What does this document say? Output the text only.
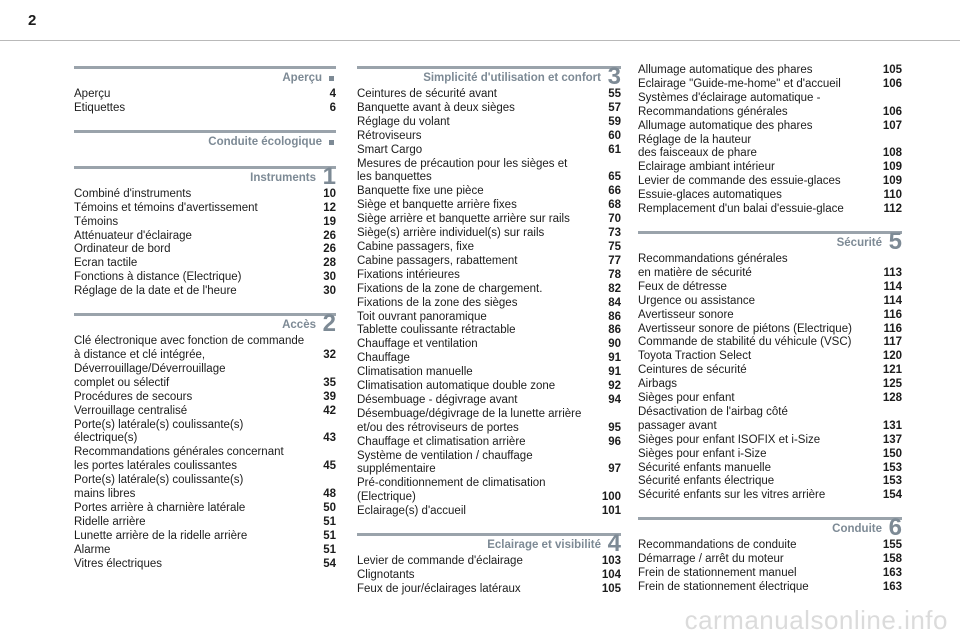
2
Aperçu
Aperçu	4
Etiquettes	6
Conduite écologique
Instruments 1
Combiné d'instruments	10
Témoins et témoins d'avertissement	12
Témoins	19
Atténuateur d'éclairage	26
Ordinateur de bord	26
Ecran tactile	28
Fonctions à distance (Electrique)	30
Réglage de la date et de l'heure	30
Accès 2
Clé électronique avec fonction de commande
à distance et clé intégrée,	32
Déverrouillage/Déverrouillage
complet ou sélectif	35
Procédures de secours	39
Verrouillage centralisé	42
Porte(s) latérale(s) coulissante(s)
électrique(s)	43
Recommandations générales concernant
les portes latérales coulissantes	45
Porte(s) latérale(s) coulissante(s)
mains libres	48
Portes arrière à charnière latérale	50
Ridelle arrière	51
Lunette arrière de la ridelle arrière	51
Alarme	51
Vitres électriques	54
Simplicité d'utilisation et confort 3
Ceintures de sécurité avant	55
Banquette avant à deux sièges	57
Réglage du volant	59
Rétroviseurs	60
Smart Cargo	61
Mesures de précaution pour les sièges et
les banquettes	65
Banquette fixe une pièce	66
Siège et banquette arrière fixes	68
Siège arrière et banquette arrière sur rails	70
Siège(s) arrière individuel(s) sur rails	73
Cabine passagers, fixe	75
Cabine passagers, rabattement	77
Fixations intérieures	78
Fixations de la zone de chargement.	82
Fixations de la zone des sièges	84
Toit ouvrant panoramique	86
Tablette coulissante rétractable	86
Chauffage et ventilation	90
Chauffage	91
Climatisation manuelle	91
Climatisation automatique double zone	92
Désembuage - dégivrage avant	94
Désembuage/dégivrage de la lunette arrière
et/ou des rétroviseurs de portes	95
Chauffage et climatisation arrière	96
Système de ventilation / chauffage
supplémentaire	97
Pré-conditionnement de climatisation
(Electrique)	100
Eclairage(s) d'accueil	101
Eclairage et visibilité 4
Levier de commande d'éclairage	103
Clignotants	104
Feux de jour/éclairages latéraux	105
Allumage automatique des phares	105
Eclairage "Guide-me-home" et d'accueil	106
Systèmes d'éclairage automatique -
Recommandations générales	106
Allumage automatique des phares	107
Réglage de la hauteur
des faisceaux de phare	108
Eclairage ambiant intérieur	109
Levier de commande des essuie-glaces	109
Essuie-glaces automatiques	110
Remplacement d'un balai d'essuie-glace	112
Sécurité 5
Recommandations générales
en matière de sécurité	113
Feux de détresse	114
Urgence ou assistance	114
Avertisseur sonore	116
Avertisseur sonore de piétons (Electrique)	116
Commande de stabilité du véhicule (VSC)	117
Toyota Traction Select	120
Ceintures de sécurité	121
Airbags	125
Sièges pour enfant	128
Désactivation de l'airbag côté
passager avant	131
Sièges pour enfant ISOFIX et i-Size	137
Sièges pour enfant i-Size	150
Sécurité enfants manuelle	153
Sécurité enfants électrique	153
Sécurité enfants sur les vitres arrière	154
Conduite 6
Recommandations de conduite	155
Démarrage / arrêt du moteur	158
Frein de stationnement manuel	163
Frein de stationnement électrique	163
carmanualsonline.info
